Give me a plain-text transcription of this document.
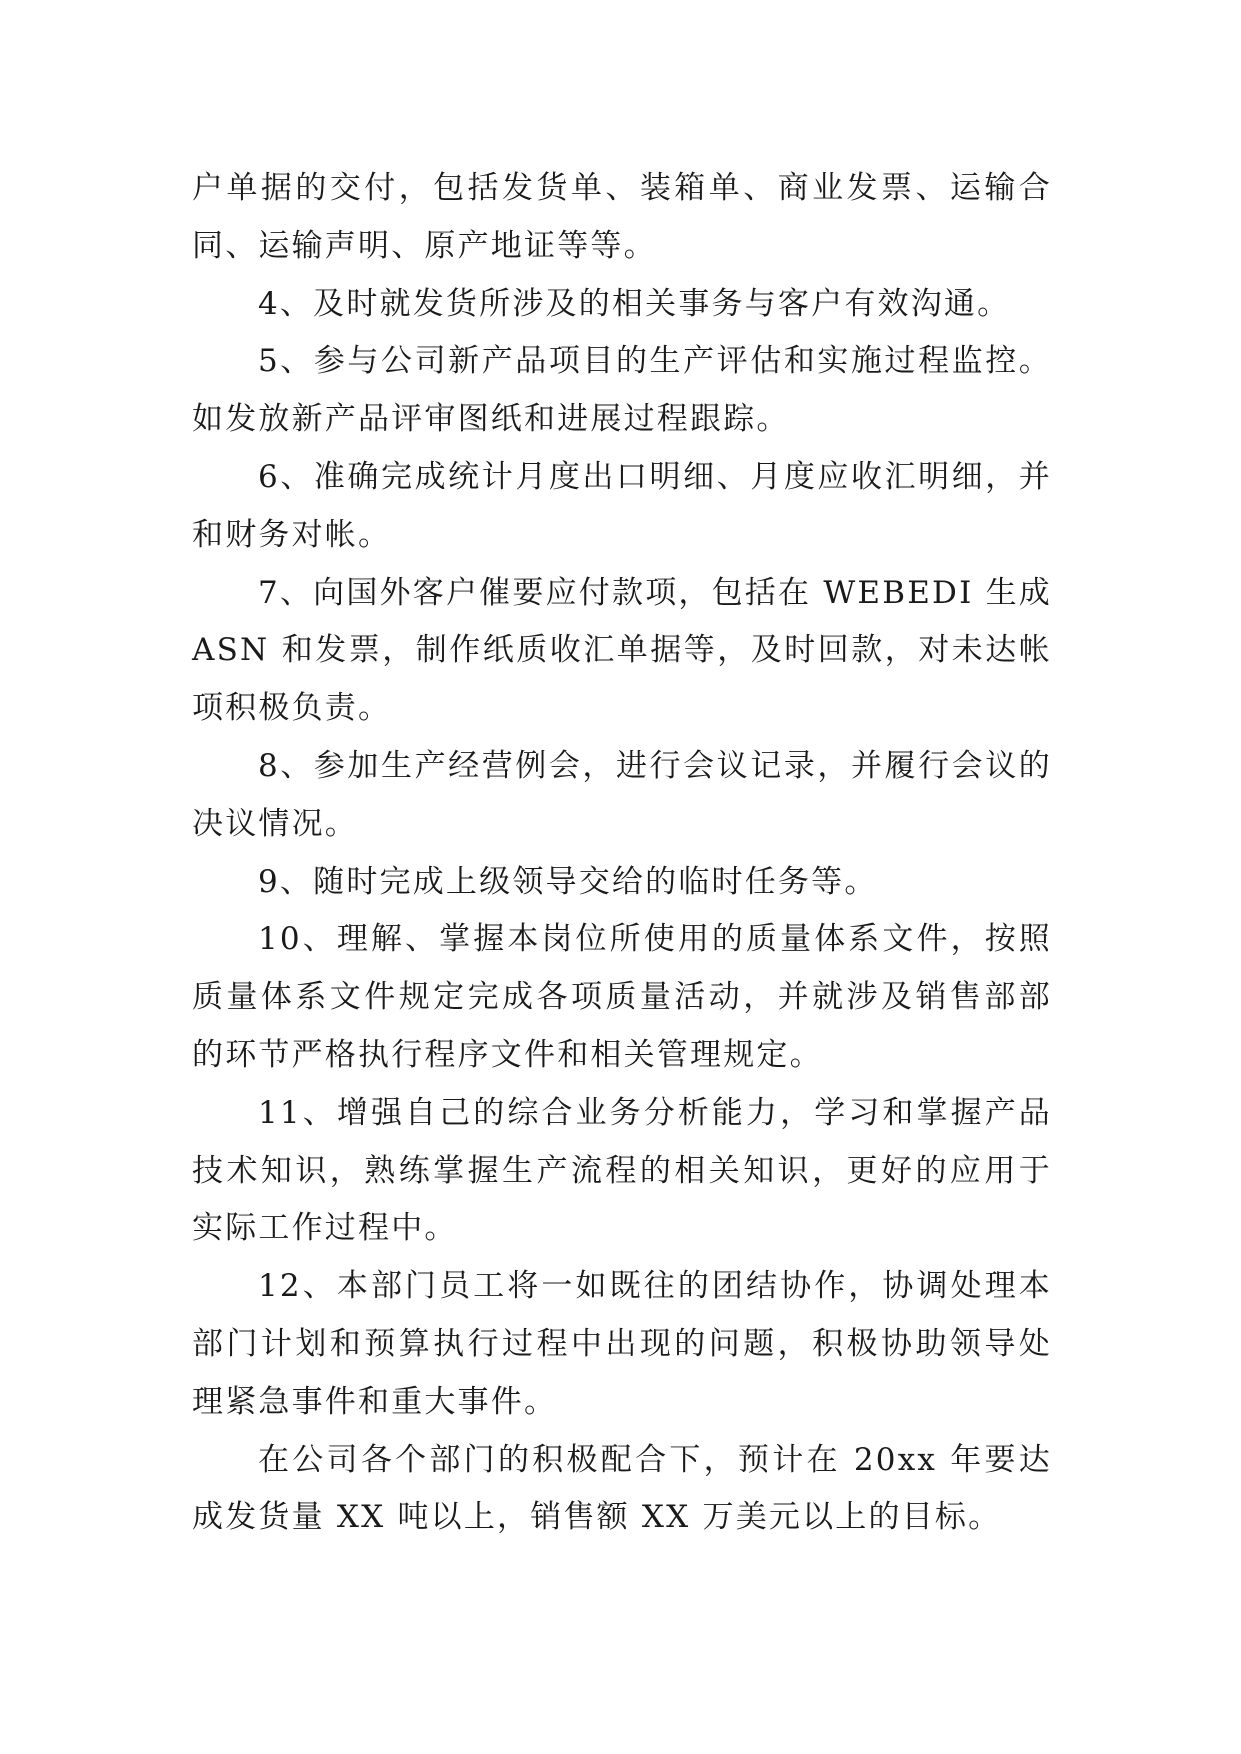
户单据的交付，包括发货单、装箱单、商业发票、运输合同、运输声明、原产地证等等。

4、及时就发货所涉及的相关事务与客户有效沟通。

5、参与公司新产品项目的生产评估和实施过程监控。如发放新产品评审图纸和进展过程跟踪。

6、准确完成统计月度出口明细、月度应收汇明细，并和财务对帐。

7、向国外客户催要应付款项，包括在 WEBEDI 生成 ASN 和发票，制作纸质收汇单据等，及时回款，对未达帐项积极负责。

8、参加生产经营例会，进行会议记录，并履行会议的决议情况。

9、随时完成上级领导交给的临时任务等。

10、理解、掌握本岗位所使用的质量体系文件，按照质量体系文件规定完成各项质量活动，并就涉及销售部部的环节严格执行程序文件和相关管理规定。

11、增强自己的综合业务分析能力，学习和掌握产品技术知识，熟练掌握生产流程的相关知识，更好的应用于实际工作过程中。

12、本部门员工将一如既往的团结协作，协调处理本部门计划和预算执行过程中出现的问题，积极协助领导处理紧急事件和重大事件。

在公司各个部门的积极配合下，预计在 20xx 年要达成发货量 XX 吨以上，销售额 XX 万美元以上的目标。
